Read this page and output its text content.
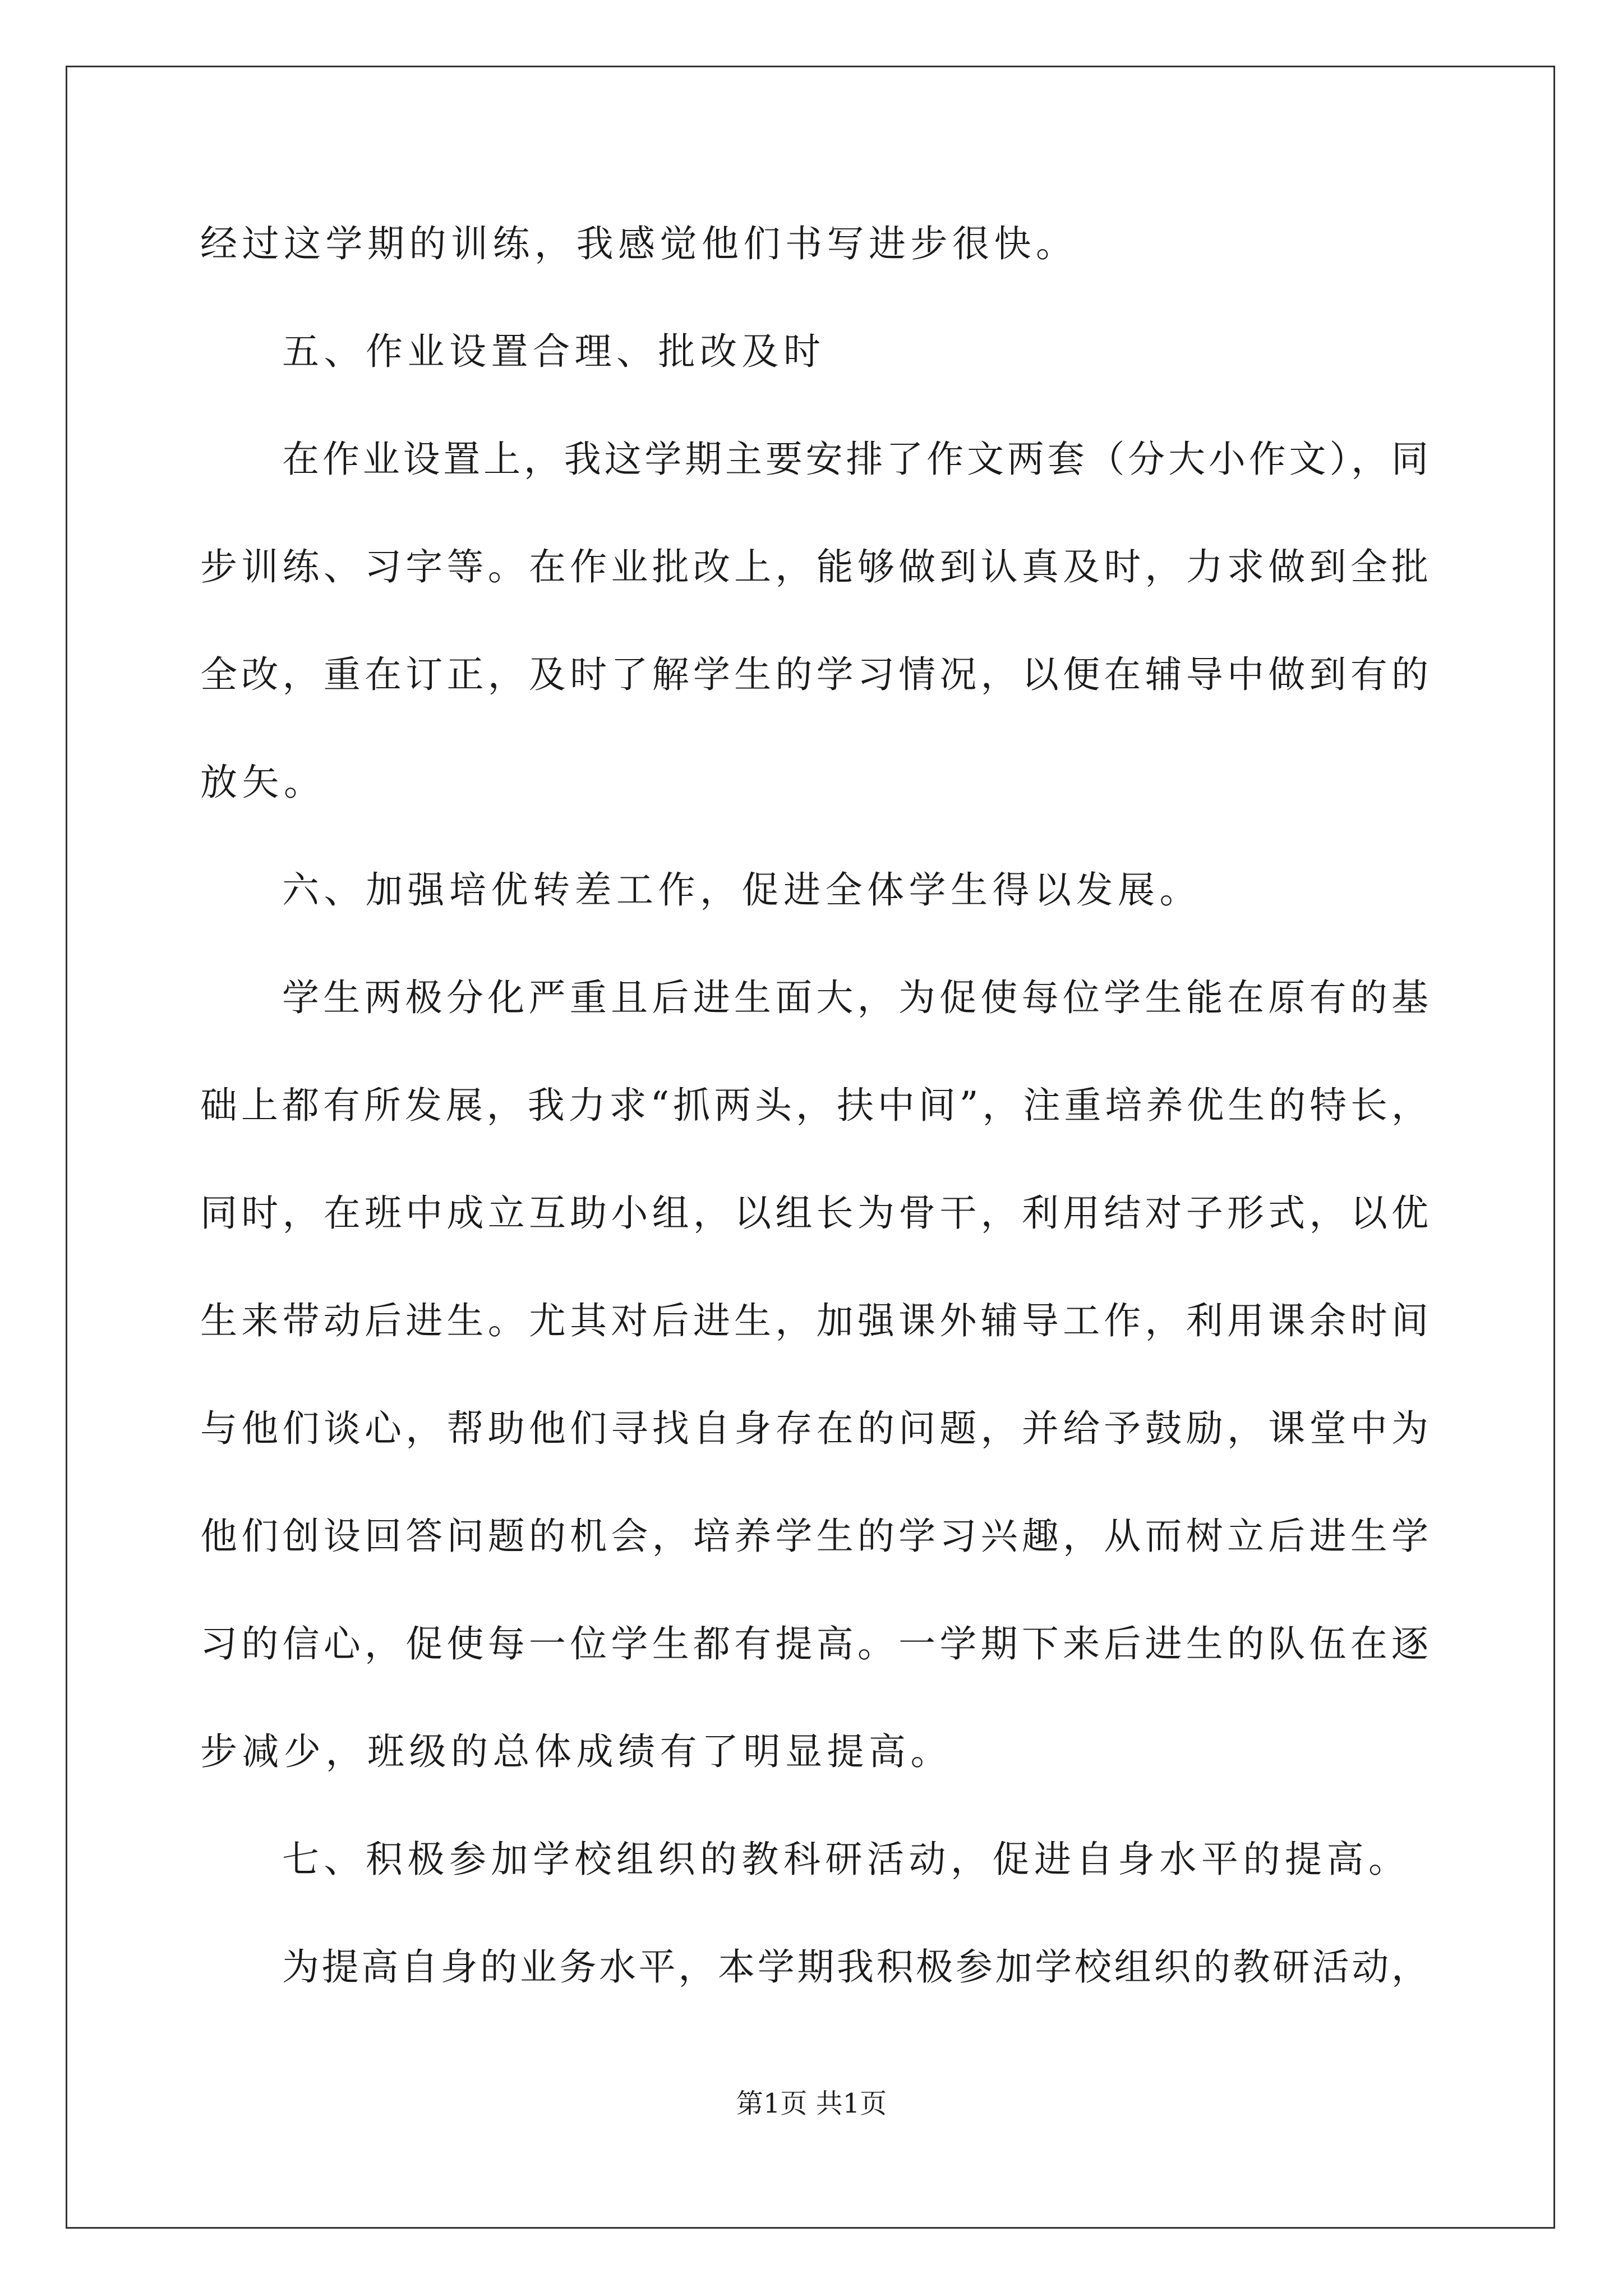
经过这学期的训练，我感觉他们书写进步很快。
五、作业设置合理、批改及时
在作业设置上，我这学期主要安排了作文两套（分大小作文），同
步训练、习字等。在作业批改上，能够做到认真及时，力求做到全批
全改，重在订正，及时了解学生的学习情况，以便在辅导中做到有的
放矢。
六、加强培优转差工作，促进全体学生得以发展。
学生两极分化严重且后进生面大，为促使每位学生能在原有的基
础上都有所发展，我力求“抓两头，扶中间”，注重培养优生的特长，
同时，在班中成立互助小组，以组长为骨干，利用结对子形式，以优
生来带动后进生。尤其对后进生，加强课外辅导工作，利用课余时间
与他们谈心，帮助他们寻找自身存在的问题，并给予鼓励，课堂中为
他们创设回答问题的机会，培养学生的学习兴趣，从而树立后进生学
习的信心，促使每一位学生都有提高。一学期下来后进生的队伍在逐
步减少，班级的总体成绩有了明显提高。
七、积极参加学校组织的教科研活动，促进自身水平的提高。
为提高自身的业务水平，本学期我积极参加学校组织的教研活动，
第1页 共1页
